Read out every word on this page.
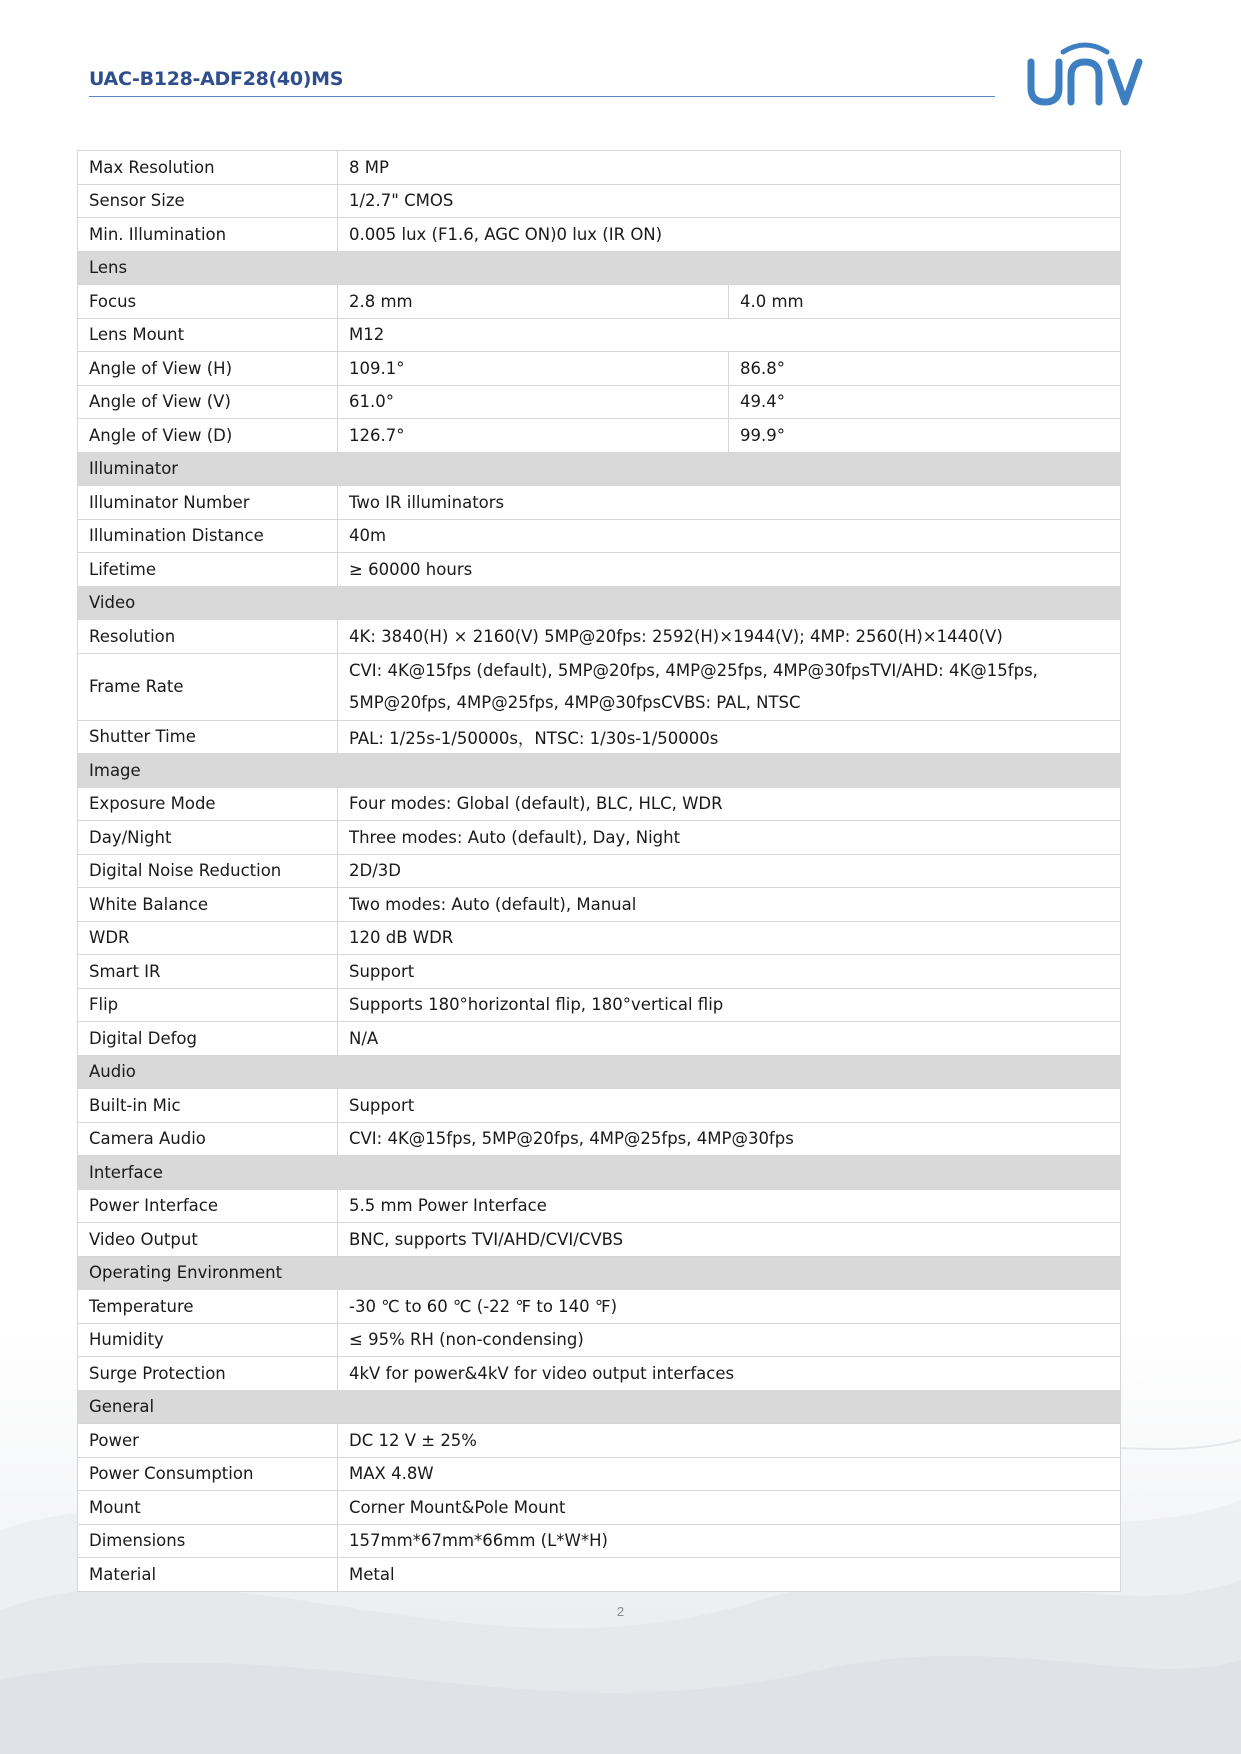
UAC-B128-ADF28(40)MS
Max Resolution	8 MP	
Sensor Size	1/2.7" CMOS	
Min. Illumination	0.005 lux (F1.6, AGC ON)0 lux (IR ON)	
Lens		
Focus	2.8 mm	4.0 mm
Lens Mount	M12	
Angle of View (H)	109.1°	86.8°
Angle of View (V)	61.0°	49.4°
Angle of View (D)	126.7°	99.9°
Illuminator		
Illuminator Number	Two IR illuminators	
Illumination Distance	40m	
Lifetime	≥ 60000 hours	
Video		
Resolution	4K: 3840(H) × 2160(V) 5MP@20fps: 2592(H)×1944(V); 4MP: 2560(H)×1440(V)	
Frame Rate	CVI: 4K@15fps (default), 5MP@20fps, 4MP@25fps, 4MP@30fpsTVI/AHD: 4K@15fps, 5MP@20fps, 4MP@25fps, 4MP@30fpsCVBS: PAL, NTSC	
Shutter Time	PAL: 1/25s-1/50000s，NTSC: 1/30s-1/50000s	
Image		
Exposure Mode	Four modes: Global (default), BLC, HLC, WDR	
Day/Night	Three modes: Auto (default), Day, Night	
Digital Noise Reduction	2D/3D	
White Balance	Two modes: Auto (default), Manual	
WDR	120 dB WDR	
Smart IR	Support	
Flip	Supports 180°horizontal flip, 180°vertical flip	
Digital Defog	N/A	
Audio		
Built-in Mic	Support	
Camera Audio	CVI: 4K@15fps, 5MP@20fps, 4MP@25fps, 4MP@30fps	
Interface		
Power Interface	5.5 mm Power Interface	
Video Output	BNC, supports TVI/AHD/CVI/CVBS	
Operating Environment		
Temperature	-30 ℃ to 60 ℃ (-22 ℉ to 140 ℉)	
Humidity	≤ 95% RH (non-condensing)	
Surge Protection	4kV for power&4kV for video output interfaces	
General		
Power	DC 12 V ± 25%	
Power Consumption	MAX 4.8W	
Mount	Corner Mount&Pole Mount	
Dimensions	157mm*67mm*66mm (L*W*H)	
Material	Metal	
2
